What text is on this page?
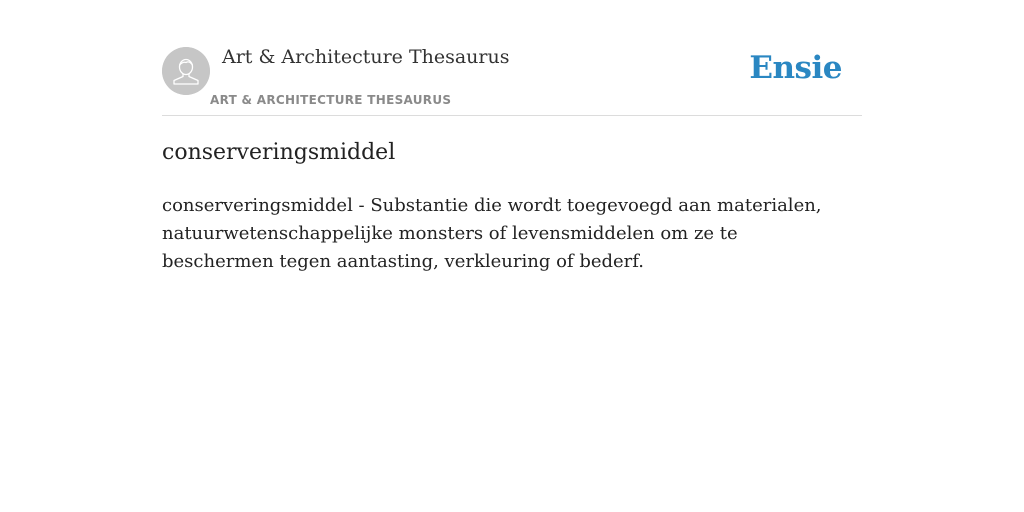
Art & Architecture Thesaurus
ART & ARCHITECTURE THESAURUS
Ensie
conserveringsmiddel

conserveringsmiddel - Substantie die wordt toegevoegd aan materialen, natuurwetenschappelijke monsters of levensmiddelen om ze te beschermen tegen aantasting, verkleuring of bederf.
